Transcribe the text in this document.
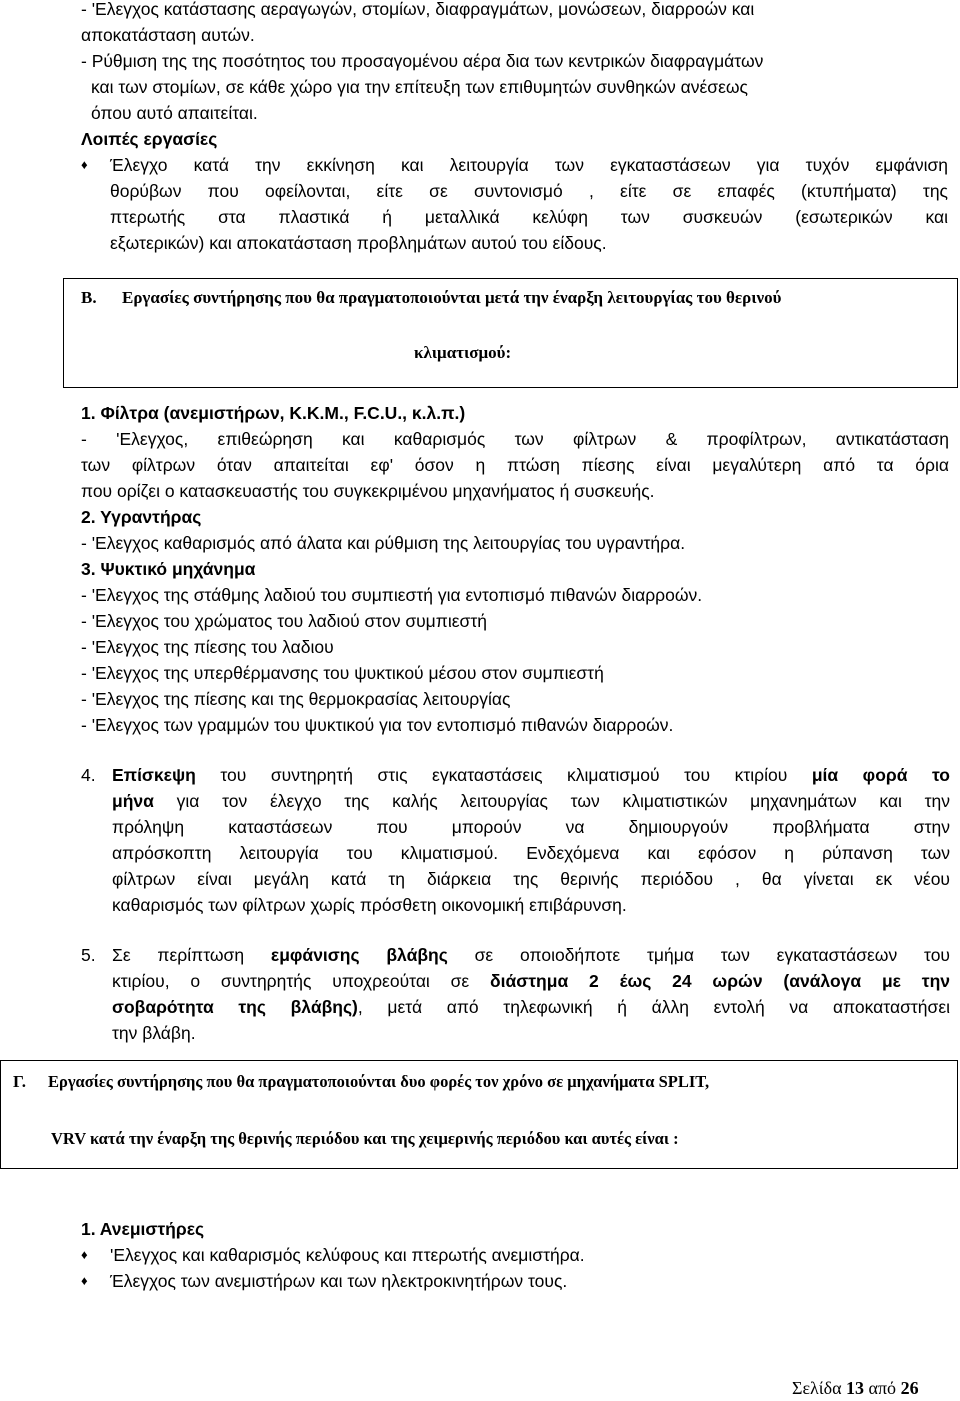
- 'Ελεγχος κατάστασης αεραγωγών, στομίων, διαφραγμάτων, μονώσεων, διαρροών και
αποκατάσταση αυτών.
- Ρύθμιση της της ποσότητος του προσαγομένου αέρα δια των κεντρικών διαφραγμάτων
και των στομίων, σε κάθε χώρο για την επίτευξη των επιθυμητών συνθηκών ανέσεως
όπου αυτό απαιτείται.
Λοιπές εργασίες
♦ Έλεγχο κατά την εκκίνηση και λειτουργία των εγκαταστάσεων για τυχόν εμφάνιση
θορύβων που οφείλονται, είτε σε συντονισμό , είτε σε επαφές (κτυπήματα) της
πτερωτής στα πλαστικά ή μεταλλικά κελύφη των συσκευών (εσωτερικών και
εξωτερικών) και αποκατάσταση προβλημάτων αυτού του είδους.
Β. Εργασίες συντήρησης που θα πραγματοποιούνται μετά την έναρξη λειτουργίας του θερινού
κλιματισμού:
1. Φίλτρα (ανεμιστήρων, Κ.Κ.Μ., F.C.U., κ.λ.π.)
- 'Ελεγχος, επιθεώρηση και καθαρισμός των φίλτρων & προφίλτρων, αντικατάσταση
των φίλτρων όταν απαιτείται εφ' όσον η πτώση πίεσης είναι μεγαλύτερη από τα όρια
που ορίζει ο κατασκευαστής του συγκεκριμένου μηχανήματος ή συσκευής.
2. Υγραντήρας
- 'Ελεγχος καθαρισμός από άλατα και ρύθμιση της λειτουργίας του υγραντήρα.
3. Ψυκτικό μηχάνημα
- 'Ελεγχος της στάθμης λαδιού του συμπιεστή για εντοπισμό πιθανών διαρροών.
- 'Ελεγχος του χρώματος του λαδιού στον συμπιεστή
- 'Ελεγχος της πίεσης του λαδιου
- 'Ελεγχος της υπερθέρμανσης του ψυκτικού μέσου στον συμπιεστή
- 'Ελεγχος της πίεσης και της θερμοκρασίας λειτουργίας
- 'Ελεγχος των γραμμών του ψυκτικού για τον εντοπισμό πιθανών διαρροών.
4. Επίσκεψη του συντηρητή στις εγκαταστάσεις κλιματισμού του κτιρίου μία φορά το
μήνα για τον έλεγχο της καλής λειτουργίας των κλιματιστικών μηχανημάτων και την
πρόληψη καταστάσεων που μπορούν να δημιουργούν προβλήματα στην
απρόσκοπτη λειτουργία του κλιματισμού. Ενδεχόμενα και εφόσον η ρύπανση των
φίλτρων είναι μεγάλη κατά τη διάρκεια της θερινής περιόδου , θα γίνεται εκ νέου
καθαρισμός των φίλτρων χωρίς πρόσθετη οικονομική επιβάρυνση.
5. Σε περίπτωση εμφάνισης βλάβης σε οποιοδήποτε τμήμα των εγκαταστάσεων του
κτιρίου, ο συντηρητής υποχρεούται σε διάστημα 2 έως 24 ωρών (ανάλογα με την
σοβαρότητα της βλάβης), μετά από τηλεφωνική ή άλλη εντολή να αποκαταστήσει
την βλάβη.
Γ. Εργασίες συντήρησης που θα πραγματοποιούνται δυο φορές τον χρόνο σε μηχανήματα SPLIT,
VRV κατά την έναρξη της θερινής περιόδου και της χειμερινής περιόδου και αυτές είναι :
1. Ανεμιστήρες
♦ 'Ελεγχος και καθαρισμός κελύφους και πτερωτής ανεμιστήρα.
♦ Έλεγχος των ανεμιστήρων και των ηλεκτροκινητήρων τους.
Σελίδα 13 από 26
